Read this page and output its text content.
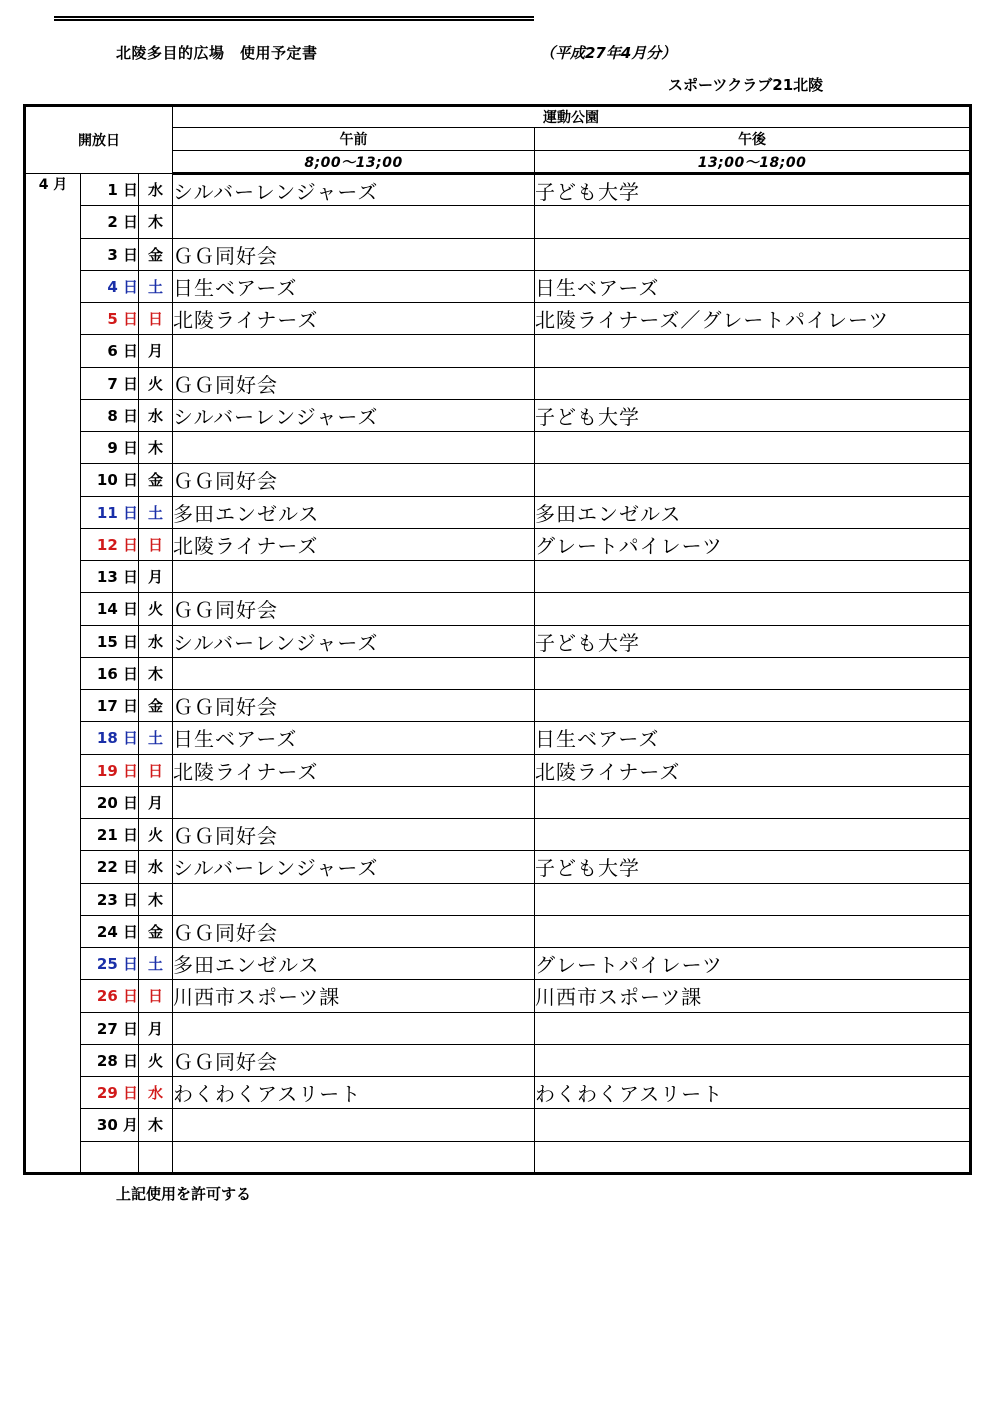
北陵多目的広場　使用予定書	（平成27年4月分）
スポーツクラブ21北陵
開放日			運動公園	
			午前	午後
			8;00～13;00	13;00～18;00
4 月	1 日	水	シルバーレンジャーズ	子ども大学
	2 日	木		
	3 日	金	ＧＧ同好会	
	4 日	土	日生ベアーズ	日生ベアーズ
	5 日	日	北陵ライナーズ	北陵ライナーズ／グレートパイレーツ
	6 日	月		
	7 日	火	ＧＧ同好会	
	8 日	水	シルバーレンジャーズ	子ども大学
	9 日	木		
	10 日	金	ＧＧ同好会	
	11 日	土	多田エンゼルス	多田エンゼルス
	12 日	日	北陵ライナーズ	グレートパイレーツ
	13 日	月		
	14 日	火	ＧＧ同好会	
	15 日	水	シルバーレンジャーズ	子ども大学
	16 日	木		
	17 日	金	ＧＧ同好会	
	18 日	土	日生ベアーズ	日生ベアーズ
	19 日	日	北陵ライナーズ	北陵ライナーズ
	20 日	月		
	21 日	火	ＧＧ同好会	
	22 日	水	シルバーレンジャーズ	子ども大学
	23 日	木		
	24 日	金	ＧＧ同好会	
	25 日	土	多田エンゼルス	グレートパイレーツ
	26 日	日	川西市スポーツ課	川西市スポーツ課
	27 日	月		
	28 日	火	ＧＧ同好会	
	29 日	水	わくわくアスリート	わくわくアスリート
	30 月	木		

上記使用を許可する
